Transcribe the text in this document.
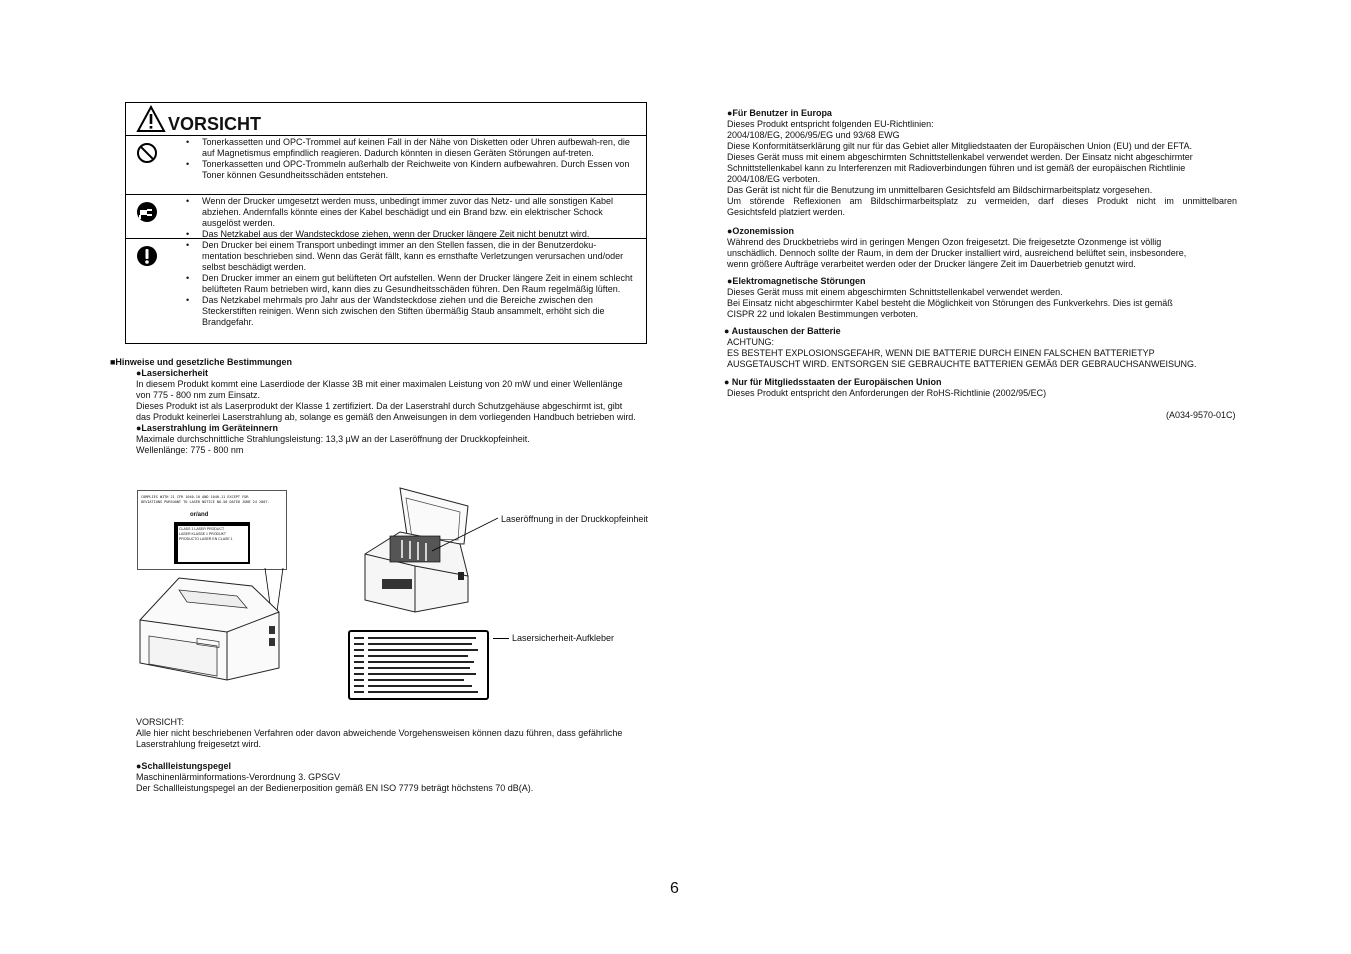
VORSICHT
• Tonerkassetten und OPC-Trommel auf keinen Fall in der Nähe von Disketten oder Uhren aufbewah-ren, die auf Magnetismus empfindlich reagieren. Dadurch könnten in diesen Geräten Störungen auf-treten.
• Tonerkassetten und OPC-Trommeln außerhalb der Reichweite von Kindern aufbewahren. Durch Essen von Toner können Gesundheitsschäden entstehen.
• Wenn der Drucker umgesetzt werden muss, unbedingt immer zuvor das Netz- und alle sonstigen Kabel abziehen. Andernfalls könnte eines der Kabel beschädigt und ein Brand bzw. ein elektrischer Schock ausgelöst werden.
• Das Netzkabel aus der Wandsteckdose ziehen, wenn der Drucker längere Zeit nicht benutzt wird.
• Den Drucker bei einem Transport unbedingt immer an den Stellen fassen, die in der Benutzerdoku-mentation beschrieben sind. Wenn das Gerät fällt, kann es ernsthafte Verletzungen verursachen und/oder selbst beschädigt werden.
• Den Drucker immer an einem gut belüfteten Ort aufstellen. Wenn der Drucker längere Zeit in einem schlecht belüfteten Raum betrieben wird, kann dies zu Gesundheitsschäden führen. Den Raum regelmäßig lüften.
• Das Netzkabel mehrmals pro Jahr aus der Wandsteckdose ziehen und die Bereiche zwischen den Steckerstiften reinigen. Wenn sich zwischen den Stiften übermäßig Staub ansammelt, erhöht sich die Brandgefahr.

■Hinweise und gesetzliche Bestimmungen

●Lasersicherheit

In diesem Produkt kommt eine Laserdiode der Klasse 3B mit einer maximalen Leistung von 20 mW und einer Wellenlänge

von 775 - 800 nm zum Einsatz.

Dieses Produkt ist als Laserprodukt der Klasse 1 zertifiziert. Da der Laserstrahl durch Schutzgehäuse abgeschirmt ist, gibt

das Produkt keinerlei Laserstrahlung ab, solange es gemäß den Anweisungen in dem vorliegenden Handbuch betrieben wird.

●Laserstrahlung im Geräteinnern

Maximale durchschnittliche Strahlungsleistung: 13,3 µW an der Laseröffnung der Druckkopfeinheit.

Wellenlänge: 775 - 800 nm

COMPLIES WITH 21 CFR 1040.10 AND 1040.11 EXCEPT FOR
DEVIATIONS PURSUANT TO LASER NOTICE NO.50 DATED JUNE 24 2007.
or/and
CLASS 1 LASER PRODUCT
LASER KLASSE 1 PRODUKT
PRODUCTO LASER EN CLASE 1
Laseröffnung in der Druckkopfeinheit
Lasersicherheit-Aufkleber

VORSICHT:

Alle hier nicht beschriebenen Verfahren oder davon abweichende Vorgehensweisen können dazu führen, dass gefährliche

Laserstrahlung freigesetzt wird.

●Schallleistungspegel

Maschinenlärminformations-Verordnung 3. GPSGV

Der Schallleistungspegel an der Bedienerposition gemäß EN ISO 7779 beträgt höchstens 70 dB(A).

●Für Benutzer in Europa

Dieses Produkt entspricht folgenden EU-Richtlinien:

2004/108/EG, 2006/95/EG und 93/68 EWG

Diese Konformitätserklärung gilt nur für das Gebiet aller Mitgliedstaaten der Europäischen Union (EU) und der EFTA.

Dieses Gerät muss mit einem abgeschirmten Schnittstellenkabel verwendet werden. Der Einsatz nicht abgeschirmter

Schnittstellenkabel kann zu Interferenzen mit Radioverbindungen führen und ist gemäß der europäischen Richtlinie

2004/108/EG verboten.

Das Gerät ist nicht für die Benutzung im unmittelbaren Gesichtsfeld am Bildschirmarbeitsplatz vorgesehen.

Um störende Reflexionen am Bildschirmarbeitsplatz zu vermeiden, darf dieses Produkt nicht im unmittelbaren

Gesichtsfeld platziert werden.

●Ozonemission

Während des Druckbetriebs wird in geringen Mengen Ozon freigesetzt. Die freigesetzte Ozonmenge ist völlig

unschädlich. Dennoch sollte der Raum, in dem der Drucker installiert wird, ausreichend belüftet sein, insbesondere,

wenn größere Aufträge verarbeitet werden oder der Drucker längere Zeit im Dauerbetrieb genutzt wird.

●Elektromagnetische Störungen

Dieses Gerät muss mit einem abgeschirmten Schnittstellenkabel verwendet werden.

Bei Einsatz nicht abgeschirmter Kabel besteht die Möglichkeit von Störungen des Funkverkehrs. Dies ist gemäß

CISPR 22 und lokalen Bestimmungen verboten.

● Austauschen der Batterie

ACHTUNG:

ES BESTEHT EXPLOSIONSGEFAHR, WENN DIE BATTERIE DURCH EINEN FALSCHEN BATTERIETYP

AUSGETAUSCHT WIRD. ENTSORGEN SIE GEBRAUCHTE BATTERIEN GEMÄß DER GEBRAUCHSANWEISUNG.

● Nur für Mitgliedsstaaten der Europäischen Union

Dieses Produkt entspricht den Anforderungen der RoHS-Richtlinie (2002/95/EC)

(A034-9570-01C)

6
